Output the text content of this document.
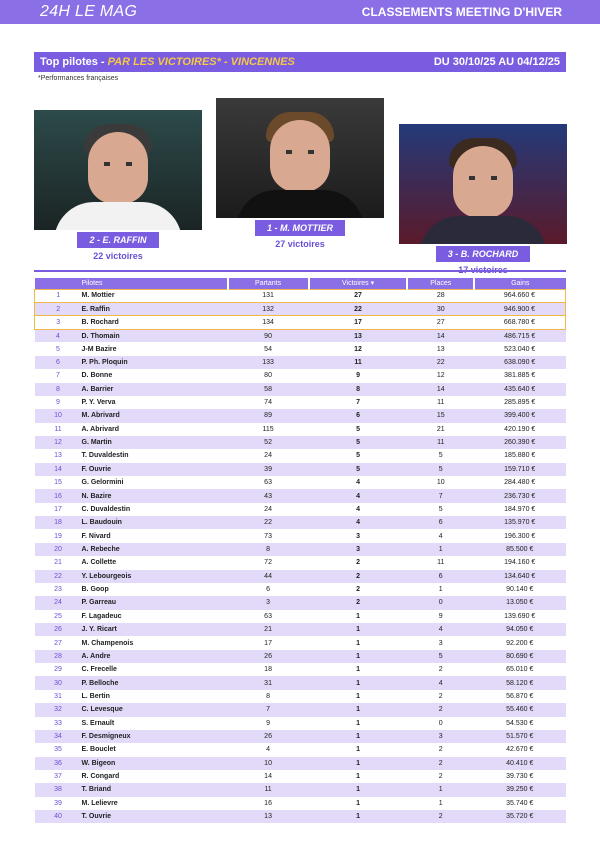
24H LE MAG	CLASSEMENTS MEETING D'HIVER
Top pilotes - PAR LES VICTOIRES* - VINCENNES	DU 30/10/25 AU 04/12/25
*Performances françaises
2 - E. RAFFIN
22 victoires
1 - M. MOTTIER
27 victoires
3 - B. ROCHARD
	Pilotes	Partants	Victoires ▾	Places	Gains
1	M. Mottier	131	27	28	964.660 €
2	E. Raffin	132	22	30	946.900 €
3	B. Rochard	134	17	27	668.780 €
4	D. Thomain	90	13	14	486.715 €
5	J-M Bazire	54	12	13	523.040 €
6	P. Ph. Ploquin	133	11	22	638.090 €
7	D. Bonne	80	9	12	381.885 €
8	A. Barrier	58	8	14	435.640 €
9	P. Y. Verva	74	7	11	285.895 €
10	M. Abrivard	89	6	15	399.400 €
11	A. Abrivard	115	5	21	420.190 €
12	G. Martin	52	5	11	260.390 €
13	T. Duvaldestin	24	5	5	185.880 €
14	F. Ouvrie	39	5	5	159.710 €
15	G. Gelormini	63	4	10	284.480 €
16	N. Bazire	43	4	7	236.730 €
17	C. Duvaldestin	24	4	5	184.970 €
18	L. Baudouin	22	4	6	135.970 €
19	F. Nivard	73	3	4	196.300 €
20	A. Rebeche	8	3	1	85.500 €
21	A. Collette	72	2	11	194.160 €
22	Y. Lebourgeois	44	2	6	134.640 €
23	B. Goop	6	2	1	90.140 €
24	P. Garreau	3	2	0	13.050 €
25	F. Lagadeuc	63	1	9	139.690 €
26	J. Y. Ricart	21	1	4	94.050 €
27	M. Champenois	17	1	3	92.200 €
28	A. Andre	26	1	5	80.690 €
29	C. Frecelle	18	1	2	65.010 €
30	P. Belloche	31	1	4	58.120 €
31	L. Bertin	8	1	2	56.870 €
32	C. Levesque	7	1	2	55.460 €
33	S. Ernault	9	1	0	54.530 €
34	F. Desmigneux	26	1	3	51.570 €
35	E. Bouclet	4	1	2	42.670 €
36	W. Bigeon	10	1	2	40.410 €
37	R. Congard	14	1	2	39.730 €
38	T. Briand	11	1	1	39.250 €
39	M. Lelievre	16	1	1	35.740 €
40	T. Ouvrie	13	1	2	35.720 €
